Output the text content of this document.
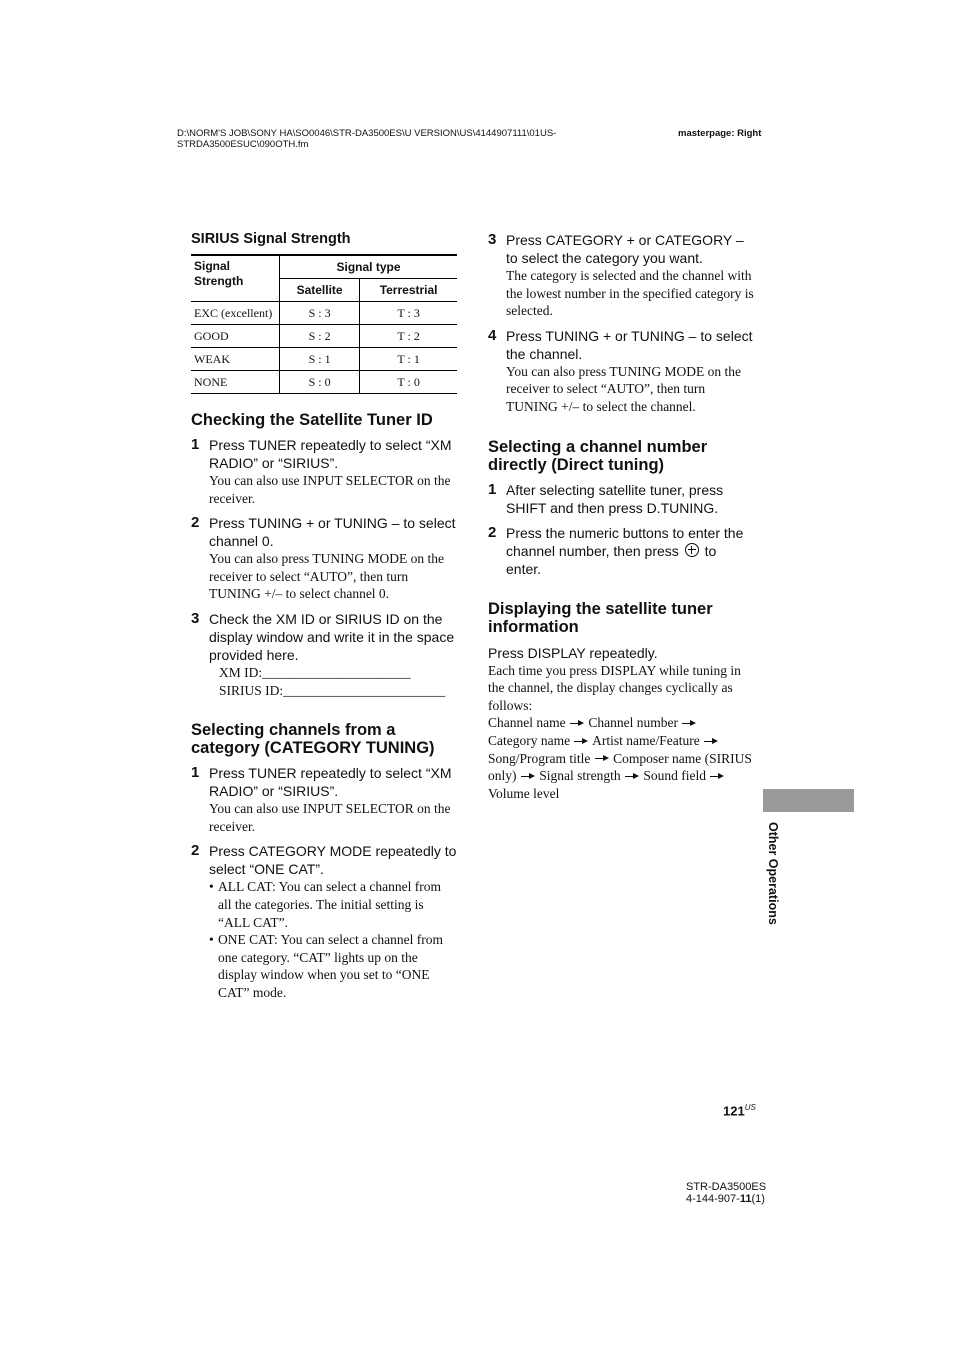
D:\NORM'S JOB\SONY HA\SO0046\STR-DA3500ES\U VERSION\US\4144907111\01US-STRDA3500ESUC\090OTH.fm
masterpage: Right
SIRIUS Signal Strength
Signal Strength	Signal type	
	Satellite	Terrestrial
EXC (excellent)	S : 3	T : 3
GOOD	S : 2	T : 2
WEAK	S : 1	T : 1
NONE	S : 0	T : 0
Checking the Satellite Tuner ID
1 Press TUNER repeatedly to select “XM RADIO” or “SIRIUS”.
You can also use INPUT SELECTOR on the receiver.
2 Press TUNING + or TUNING – to select channel 0.
You can also press TUNING MODE on the receiver to select “AUTO”, then turn TUNING +/– to select channel 0.
3 Check the XM ID or SIRIUS ID on the display window and write it in the space provided here.
XM ID:______________________
SIRIUS ID:________________________
Selecting channels from a category (CATEGORY TUNING)
1 Press TUNER repeatedly to select “XM RADIO” or “SIRIUS”.
You can also use INPUT SELECTOR on the receiver.
2 Press CATEGORY MODE repeatedly to select “ONE CAT”.
• ALL CAT: You can select a channel from all the categories. The initial setting is “ALL CAT”.
• ONE CAT: You can select a channel from one category. “CAT” lights up on the display window when you set to “ONE CAT” mode.
3 Press CATEGORY + or CATEGORY – to select the category you want.
The category is selected and the channel with the lowest number in the specified category is selected.
4 Press TUNING + or TUNING – to select the channel.
You can also press TUNING MODE on the receiver to select “AUTO”, then turn TUNING +/– to select the channel.
Selecting a channel number directly (Direct tuning)
1 After selecting satellite tuner, press SHIFT and then press D.TUNING.
2 Press the numeric buttons to enter the channel number, then press to enter.
Displaying the satellite tuner information
Press DISPLAY repeatedly.
Each time you press DISPLAY while tuning in the channel, the display changes cyclically as follows:
Channel name Channel number
Category name Artist name/Feature
Song/Program title Composer name (SIRIUS only) Signal strength Sound field  Volume level
Other Operations
$121^{US}$
STR-DA3500ES
4-144-907-11(1)
